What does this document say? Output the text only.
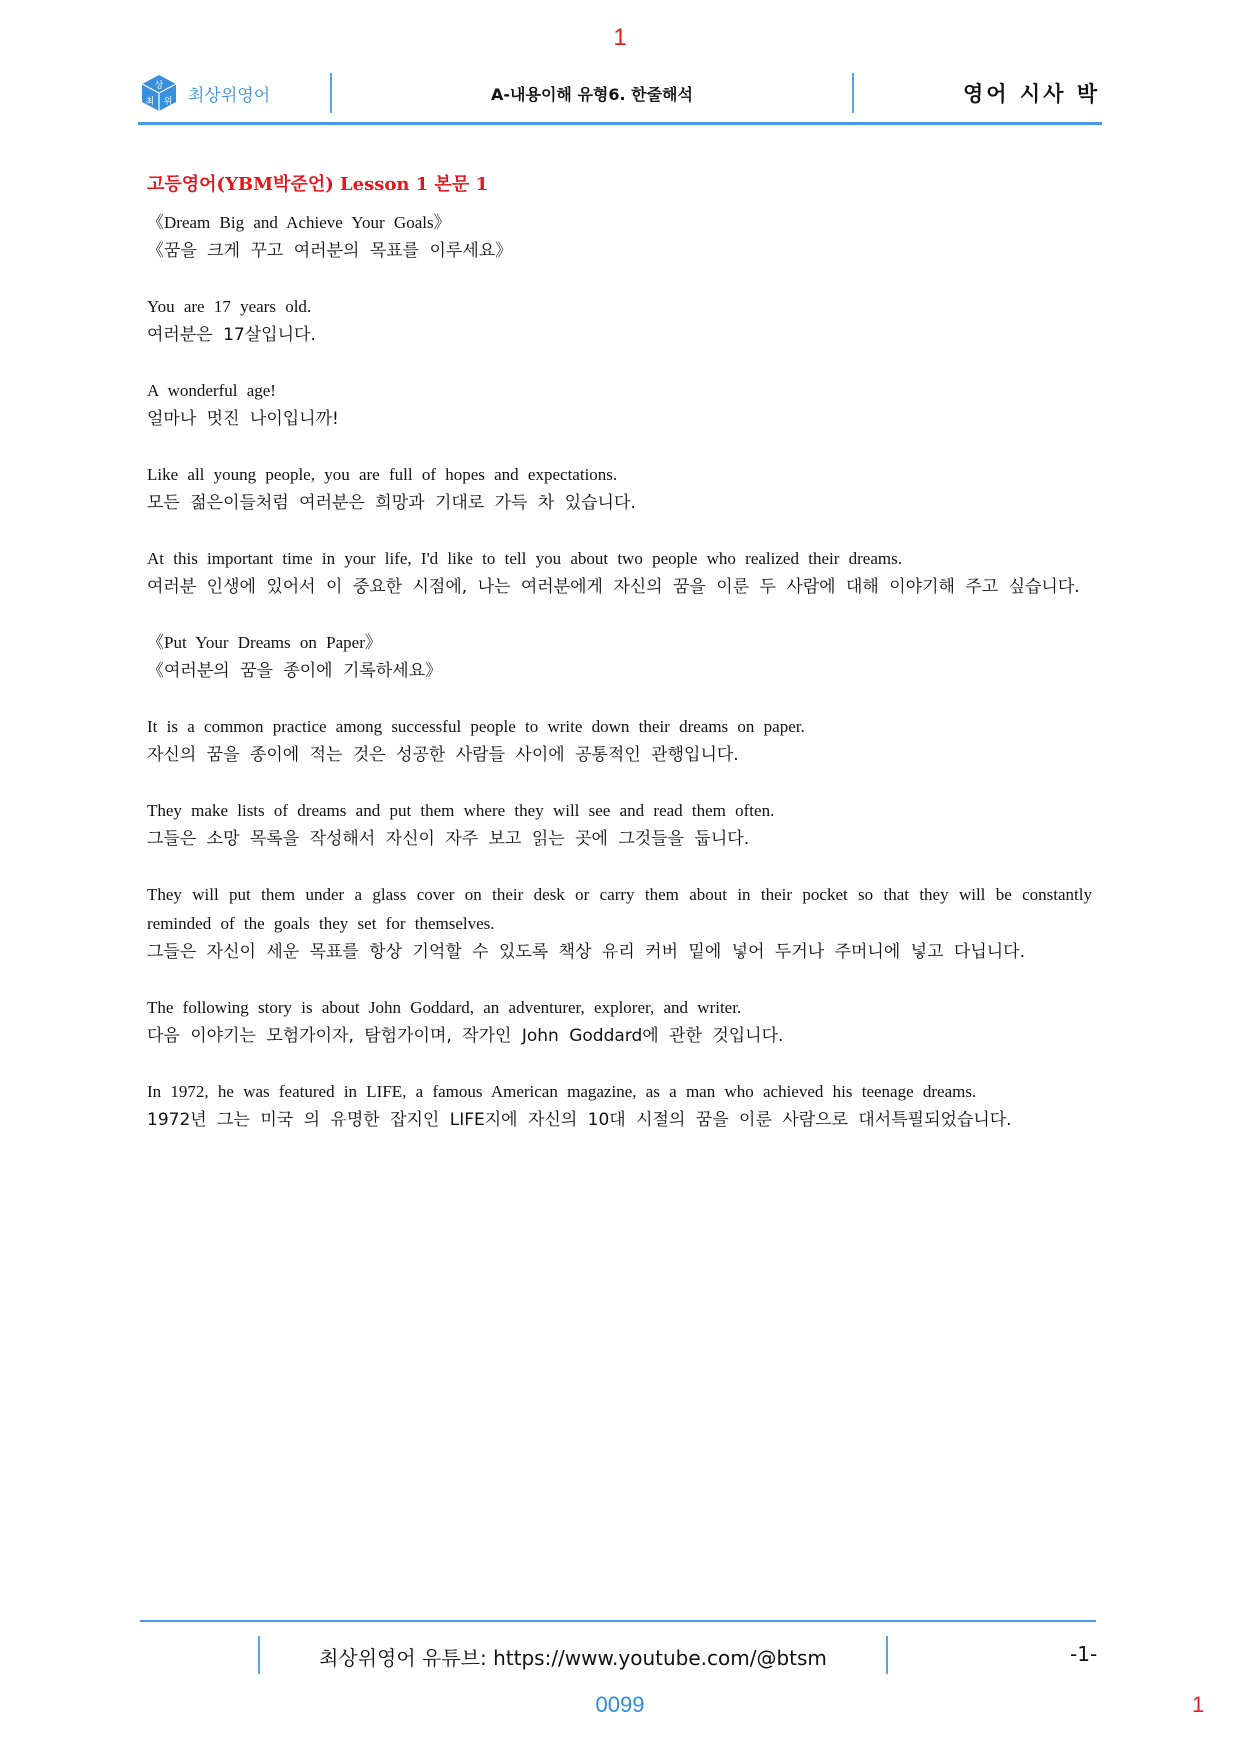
1
상
최 위 최상위영어	A-내용이해 유형6. 한줄해석	영어 시사 박
고등영어(YBM박준언) Lesson 1 본문 1
《Dream Big and Achieve Your Goals》
《꿈을 크게 꾸고 여러분의 목표를 이루세요》
You are 17 years old.
여러분은 17살입니다.
A wonderful age!
얼마나 멋진 나이입니까!
Like all young people, you are full of hopes and expectations.
모든 젊은이들처럼 여러분은 희망과 기대로 가득 차 있습니다.
At this important time in your life, I'd like to tell you about two people who realized their dreams.
여러분 인생에 있어서 이 중요한 시점에, 나는 여러분에게 자신의 꿈을 이룬 두 사람에 대해 이야기해 주고 싶습니다.
《Put Your Dreams on Paper》
《여러분의 꿈을 종이에 기록하세요》
It is a common practice among successful people to write down their dreams on paper.
자신의 꿈을 종이에 적는 것은 성공한 사람들 사이에 공통적인 관행입니다.
They make lists of dreams and put them where they will see and read them often.
그들은 소망 목록을 작성해서 자신이 자주 보고 읽는 곳에 그것들을 둡니다.
They will put them under a glass cover on their desk or carry them about in their pocket so that they will be constantly reminded of the goals they set for themselves.
그들은 자신이 세운 목표를 항상 기억할 수 있도록 책상 유리 커버 밑에 넣어 두거나 주머니에 넣고 다닙니다.
The following story is about John Goddard, an adventurer, explorer, and writer.
다음 이야기는 모험가이자, 탐험가이며, 작가인 John Goddard에 관한 것입니다.
In 1972, he was featured in LIFE, a famous American magazine, as a man who achieved his teenage dreams.
1972년 그는 미국 의 유명한 잡지인 LIFE지에 자신의 10대 시절의 꿈을 이룬 사람으로 대서특필되었습니다.
최상위영어 유튜브: https://www.youtube.com/@btsm	-1-
0099	1
